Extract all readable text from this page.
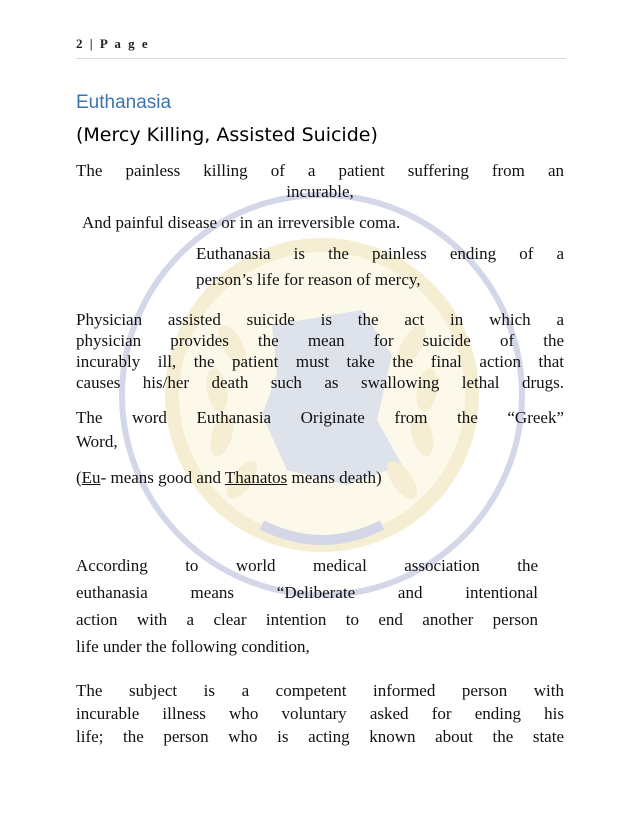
2 | P a g e
Euthanasia
(Mercy Killing, Assisted Suicide)
The painless killing of a patient suffering from an
incurable,
And painful disease or in an irreversible coma.
Euthanasia is the painless ending of a
person’s life for reason of mercy,
Physician assisted suicide is the act in which a
physician provides the mean for suicide of the
incurably ill, the patient must take the final action that
causes his/her death such as swallowing lethal drugs.
The word Euthanasia Originate from the “Greek”
Word,
(Eu- means good and Thanatos means death)
According to world medical association the
euthanasia means “Deliberate and intentional
action with a clear intention to end another person
life under the following condition,
The subject is a competent informed person with
incurable illness who voluntary asked for ending his
life; the person who is acting known about the state
